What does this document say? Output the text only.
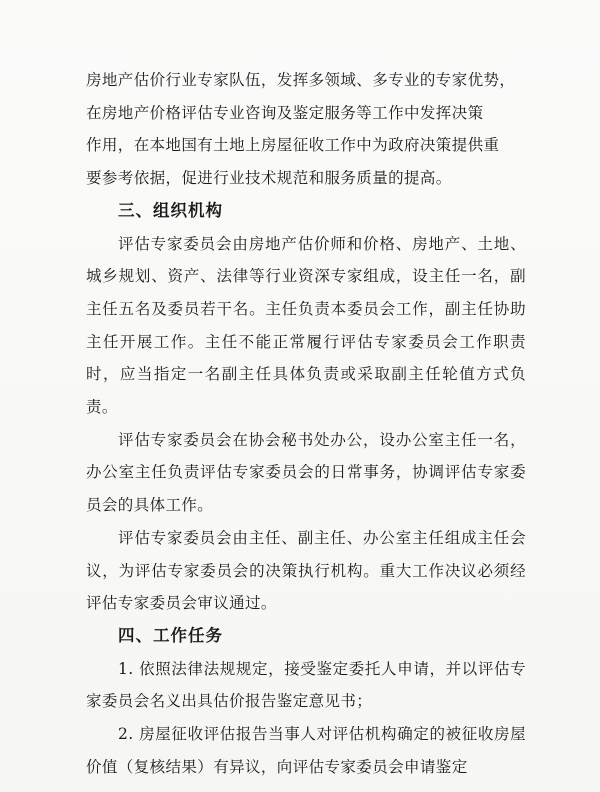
房地产估价行业专家队伍，发挥多领域、多专业的专家优势，
在房地产价格评估专业咨询及鉴定服务等工作中发挥决策
作用，在本地国有土地上房屋征收工作中为政府决策提供重
要参考依据，促进行业技术规范和服务质量的提高。

三、组织机构

评估专家委员会由房地产估价师和价格、房地产、土地、城乡规划、资产、法律等行业资深专家组成，设主任一名，副主任五名及委员若干名。主任负责本委员会工作，副主任协助主任开展工作。主任不能正常履行评估专家委员会工作职责时，应当指定一名副主任具体负责或采取副主任轮值方式负责。

评估专家委员会在协会秘书处办公，设办公室主任一名，办公室主任负责评估专家委员会的日常事务，协调评估专家委员会的具体工作。

评估专家委员会由主任、副主任、办公室主任组成主任会议，为评估专家委员会的决策执行机构。重大工作决议必须经评估专家委员会审议通过。

四、工作任务

1. 依照法律法规规定，接受鉴定委托人申请，并以评估专家委员会名义出具估价报告鉴定意见书；

2. 房屋征收评估报告当事人对评估机构确定的被征收房屋价值（复核结果）有异议，向评估专家委员会申请鉴定
